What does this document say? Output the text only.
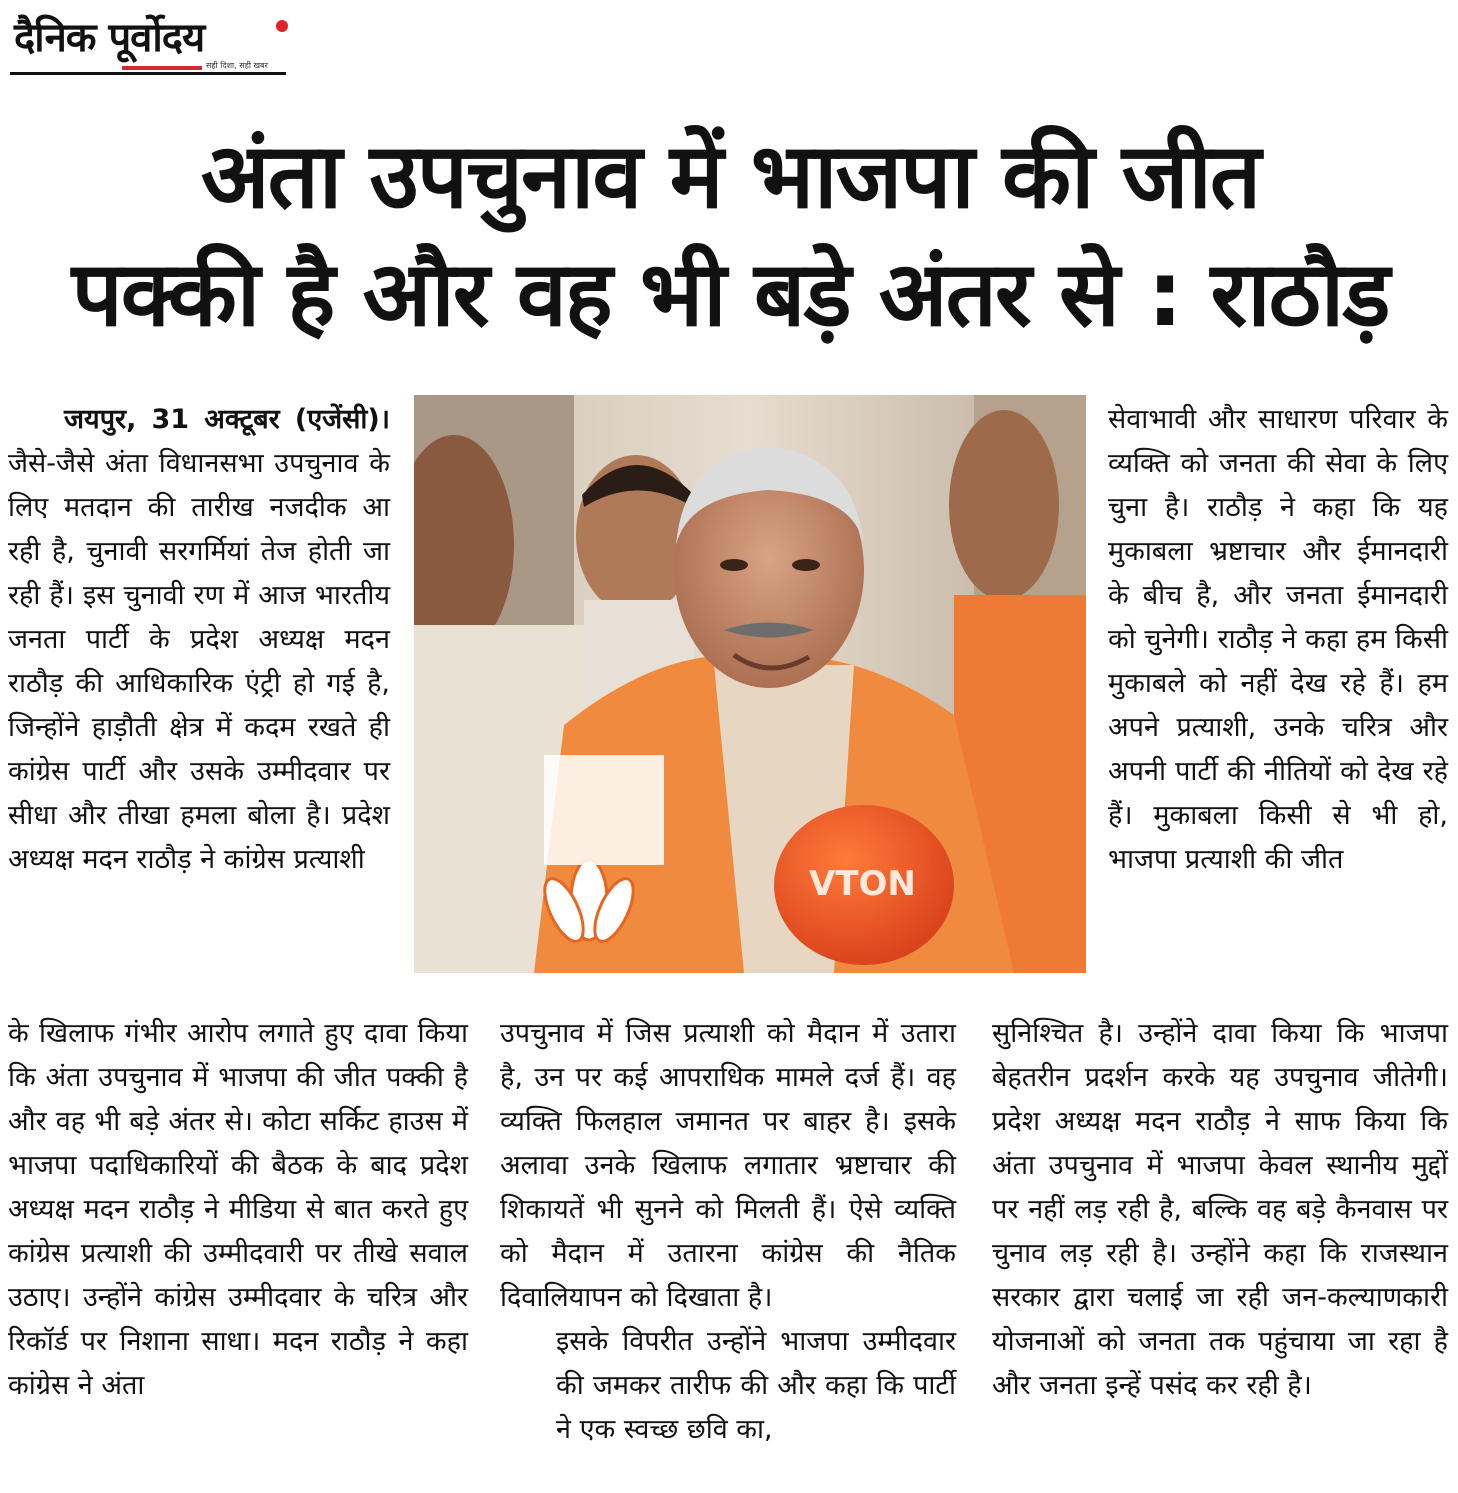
दैनिक पूर्वोदय
सही दिशा, सही खबर
अंता उपचुनाव में भाजपा की जीत
पक्की है और वह भी बड़े अंतर से : राठौड़
VTON

जयपुर, 31 अक्टूबर (एजेंसी)। जैसे-जैसे अंता विधानसभा उपचुनाव के लिए मतदान की तारीख नजदीक आ रही है, चुनावी सरगर्मियां तेज होती जा रही हैं। इस चुनावी रण में आज भारतीय जनता पार्टी के प्रदेश अध्यक्ष मदन राठौड़ की आधिकारिक एंट्री हो गई है, जिन्होंने हाड़ौती क्षेत्र में कदम रखते ही कांग्रेस पार्टी और उसके उम्मीदवार पर सीधा और तीखा हमला बोला है। प्रदेश अध्यक्ष मदन राठौड़ ने कांग्रेस प्रत्याशी

के खिलाफ गंभीर आरोप लगाते हुए दावा किया कि अंता उपचुनाव में भाजपा की जीत पक्की है और वह भी बड़े अंतर से। कोटा सर्किट हाउस में भाजपा पदाधिकारियों की बैठक के बाद प्रदेश अध्यक्ष मदन राठौड़ ने मीडिया से बात करते हुए कांग्रेस प्रत्याशी की उम्मीदवारी पर तीखे सवाल उठाए। उन्होंने कांग्रेस उम्मीदवार के चरित्र और रिकॉर्ड पर निशाना साधा। मदन राठौड़ ने कहा कांग्रेस ने अंता

उपचुनाव में जिस प्रत्याशी को मैदान में उतारा है, उन पर कई आपराधिक मामले दर्ज हैं। वह व्यक्ति फिलहाल जमानत पर बाहर है। इसके अलावा उनके खिलाफ लगातार भ्रष्टाचार की शिकायतें भी सुनने को मिलती हैं। ऐसे व्यक्ति को मैदान में उतारना कांग्रेस की नैतिक दिवालियापन को दिखाता है।

इसके विपरीत उन्होंने भाजपा उम्मीदवार की जमकर तारीफ की और कहा कि पार्टी ने एक स्वच्छ छवि का,

सेवाभावी और साधारण परिवार के व्यक्ति को जनता की सेवा के लिए चुना है। राठौड़ ने कहा कि यह मुकाबला भ्रष्टाचार और ईमानदारी के बीच है, और जनता ईमानदारी को चुनेगी। राठौड़ ने कहा हम किसी मुकाबले को नहीं देख रहे हैं। हम अपने प्रत्याशी, उनके चरित्र और अपनी पार्टी की नीतियों को देख रहे हैं। मुकाबला किसी से भी हो, भाजपा प्रत्याशी की जीत

सुनिश्चित है। उन्होंने दावा किया कि भाजपा बेहतरीन प्रदर्शन करके यह उपचुनाव जीतेगी।प्रदेश अध्यक्ष मदन राठौड़ ने साफ किया कि अंता उपचुनाव में भाजपा केवल स्थानीय मुद्दों पर नहीं लड़ रही है, बल्कि वह बड़े कैनवास पर चुनाव लड़ रही है। उन्होंने कहा कि राजस्थान सरकार द्वारा चलाई जा रही जन-कल्याणकारी योजनाओं को जनता तक पहुंचाया जा रहा है और जनता इन्हें पसंद कर रही है।
